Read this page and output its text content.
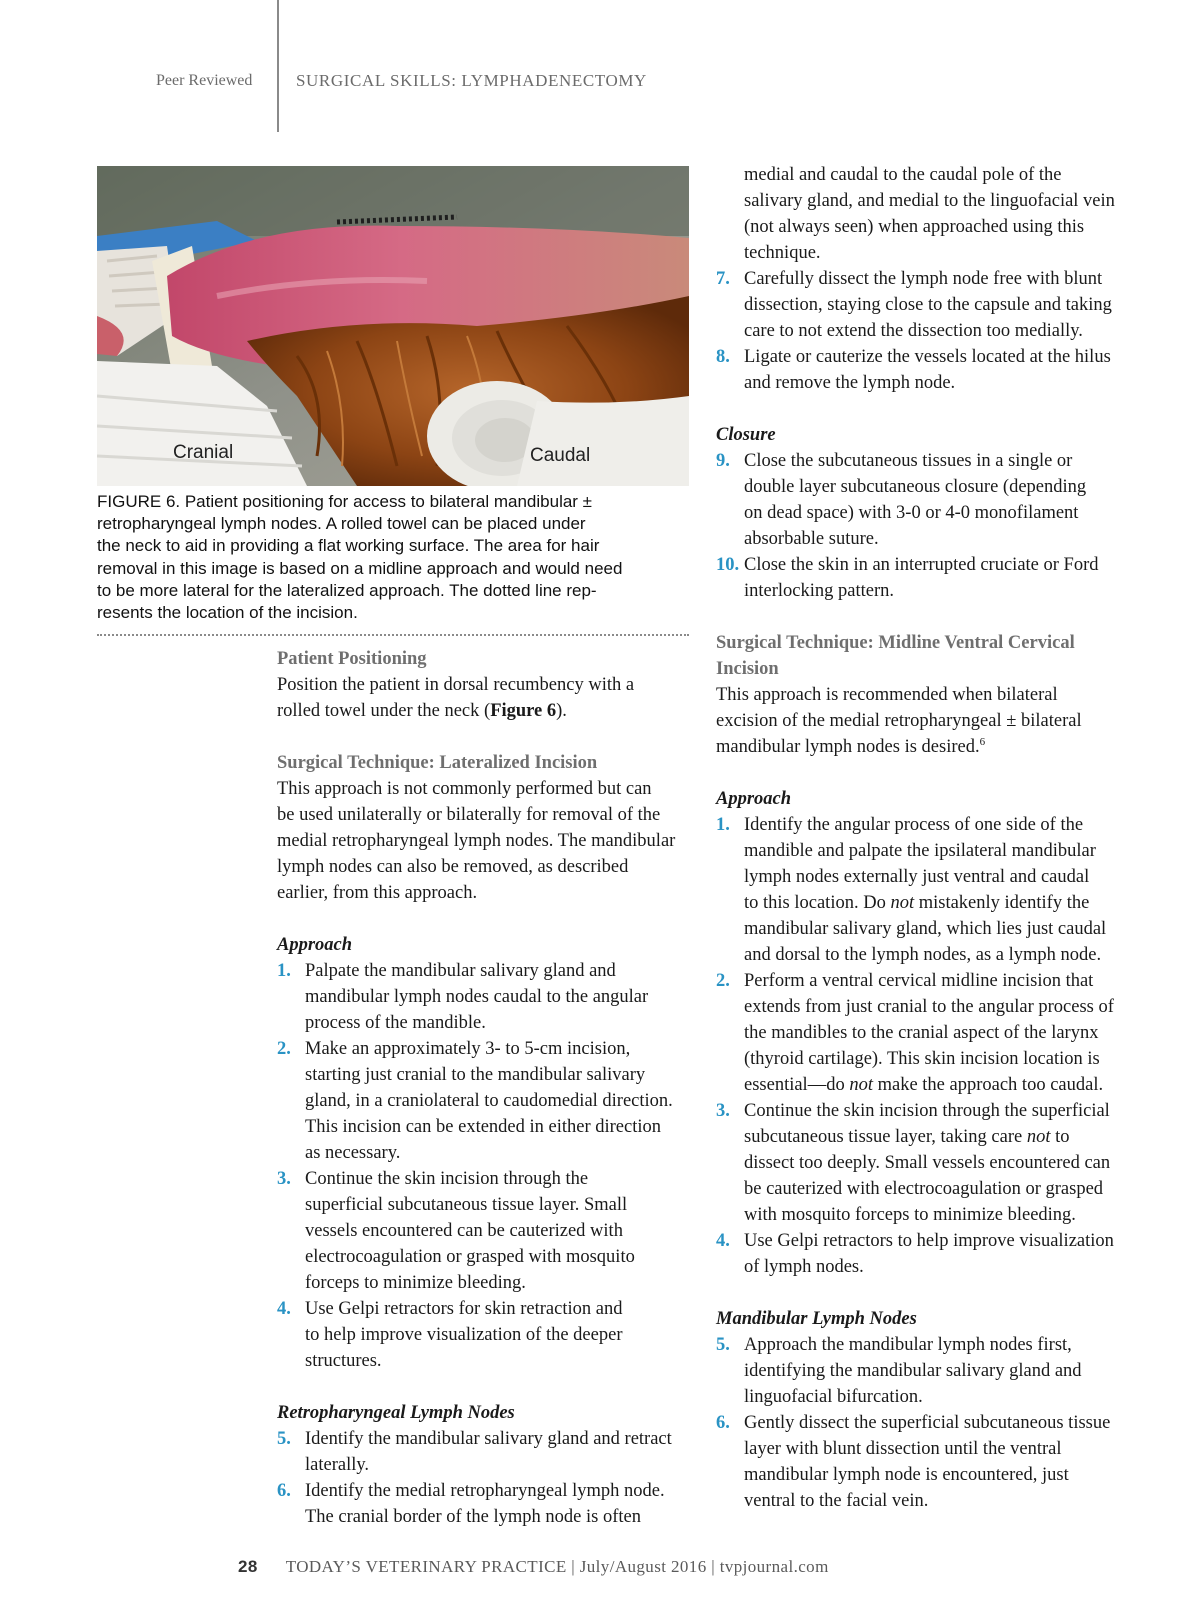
Peer Reviewed	SURGICAL SKILLS: LYMPHADENECTOMY
Cranial	Caudal
FIGURE 6. Patient positioning for access to bilateral mandibular ±
retropharyngeal lymph nodes. A rolled towel can be placed under
the neck to aid in providing a flat working surface. The area for hair
removal in this image is based on a midline approach and would need
to be more lateral for the lateralized approach. The dotted line rep-
resents the location of the incision.
Patient Positioning
Position the patient in dorsal recumbency with a
rolled towel under the neck (Figure 6).
Surgical Technique: Lateralized Incision
This approach is not commonly performed but can
be used unilaterally or bilaterally for removal of the
medial retropharyngeal lymph nodes. The mandibular
lymph nodes can also be removed, as described
earlier, from this approach.
Approach
1. Palpate the mandibular salivary gland and
mandibular lymph nodes caudal to the angular
process of the mandible.
2. Make an approximately 3- to 5-cm incision,
starting just cranial to the mandibular salivary
gland, in a craniolateral to caudomedial direction.
This incision can be extended in either direction
as necessary.
3. Continue the skin incision through the
superficial subcutaneous tissue layer. Small
vessels encountered can be cauterized with
electrocoagulation or grasped with mosquito
forceps to minimize bleeding.
4. Use Gelpi retractors for skin retraction and
to help improve visualization of the deeper
structures.
Retropharyngeal Lymph Nodes
5. Identify the mandibular salivary gland and retract
laterally.
6. Identify the medial retropharyngeal lymph node.
The cranial border of the lymph node is often
medial and caudal to the caudal pole of the
salivary gland, and medial to the linguofacial vein
(not always seen) when approached using this
technique.
7. Carefully dissect the lymph node free with blunt
dissection, staying close to the capsule and taking
care to not extend the dissection too medially.
8. Ligate or cauterize the vessels located at the hilus
and remove the lymph node.
Closure
9. Close the subcutaneous tissues in a single or
double layer subcutaneous closure (depending
on dead space) with 3-0 or 4-0 monofilament
absorbable suture.
10. Close the skin in an interrupted cruciate or Ford
interlocking pattern.
Surgical Technique: Midline Ventral Cervical
Incision
This approach is recommended when bilateral
excision of the medial retropharyngeal ± bilateral
mandibular lymph nodes is desired.$^6$
Approach
1. Identify the angular process of one side of the
mandible and palpate the ipsilateral mandibular
lymph nodes externally just ventral and caudal
to this location. Do not mistakenly identify the
mandibular salivary gland, which lies just caudal
and dorsal to the lymph nodes, as a lymph node.
2. Perform a ventral cervical midline incision that
extends from just cranial to the angular process of
the mandibles to the cranial aspect of the larynx
(thyroid cartilage). This skin incision location is
essential—do not make the approach too caudal.
3. Continue the skin incision through the superficial
subcutaneous tissue layer, taking care not to
dissect too deeply. Small vessels encountered can
be cauterized with electrocoagulation or grasped
with mosquito forceps to minimize bleeding.
4. Use Gelpi retractors to help improve visualization
of lymph nodes.
Mandibular Lymph Nodes
5. Approach the mandibular lymph nodes first,
identifying the mandibular salivary gland and
linguofacial bifurcation.
6. Gently dissect the superficial subcutaneous tissue
layer with blunt dissection until the ventral
mandibular lymph node is encountered, just
ventral to the facial vein.
28 TODAY’S VETERINARY PRACTICE | July/August 2016 | tvpjournal.com
